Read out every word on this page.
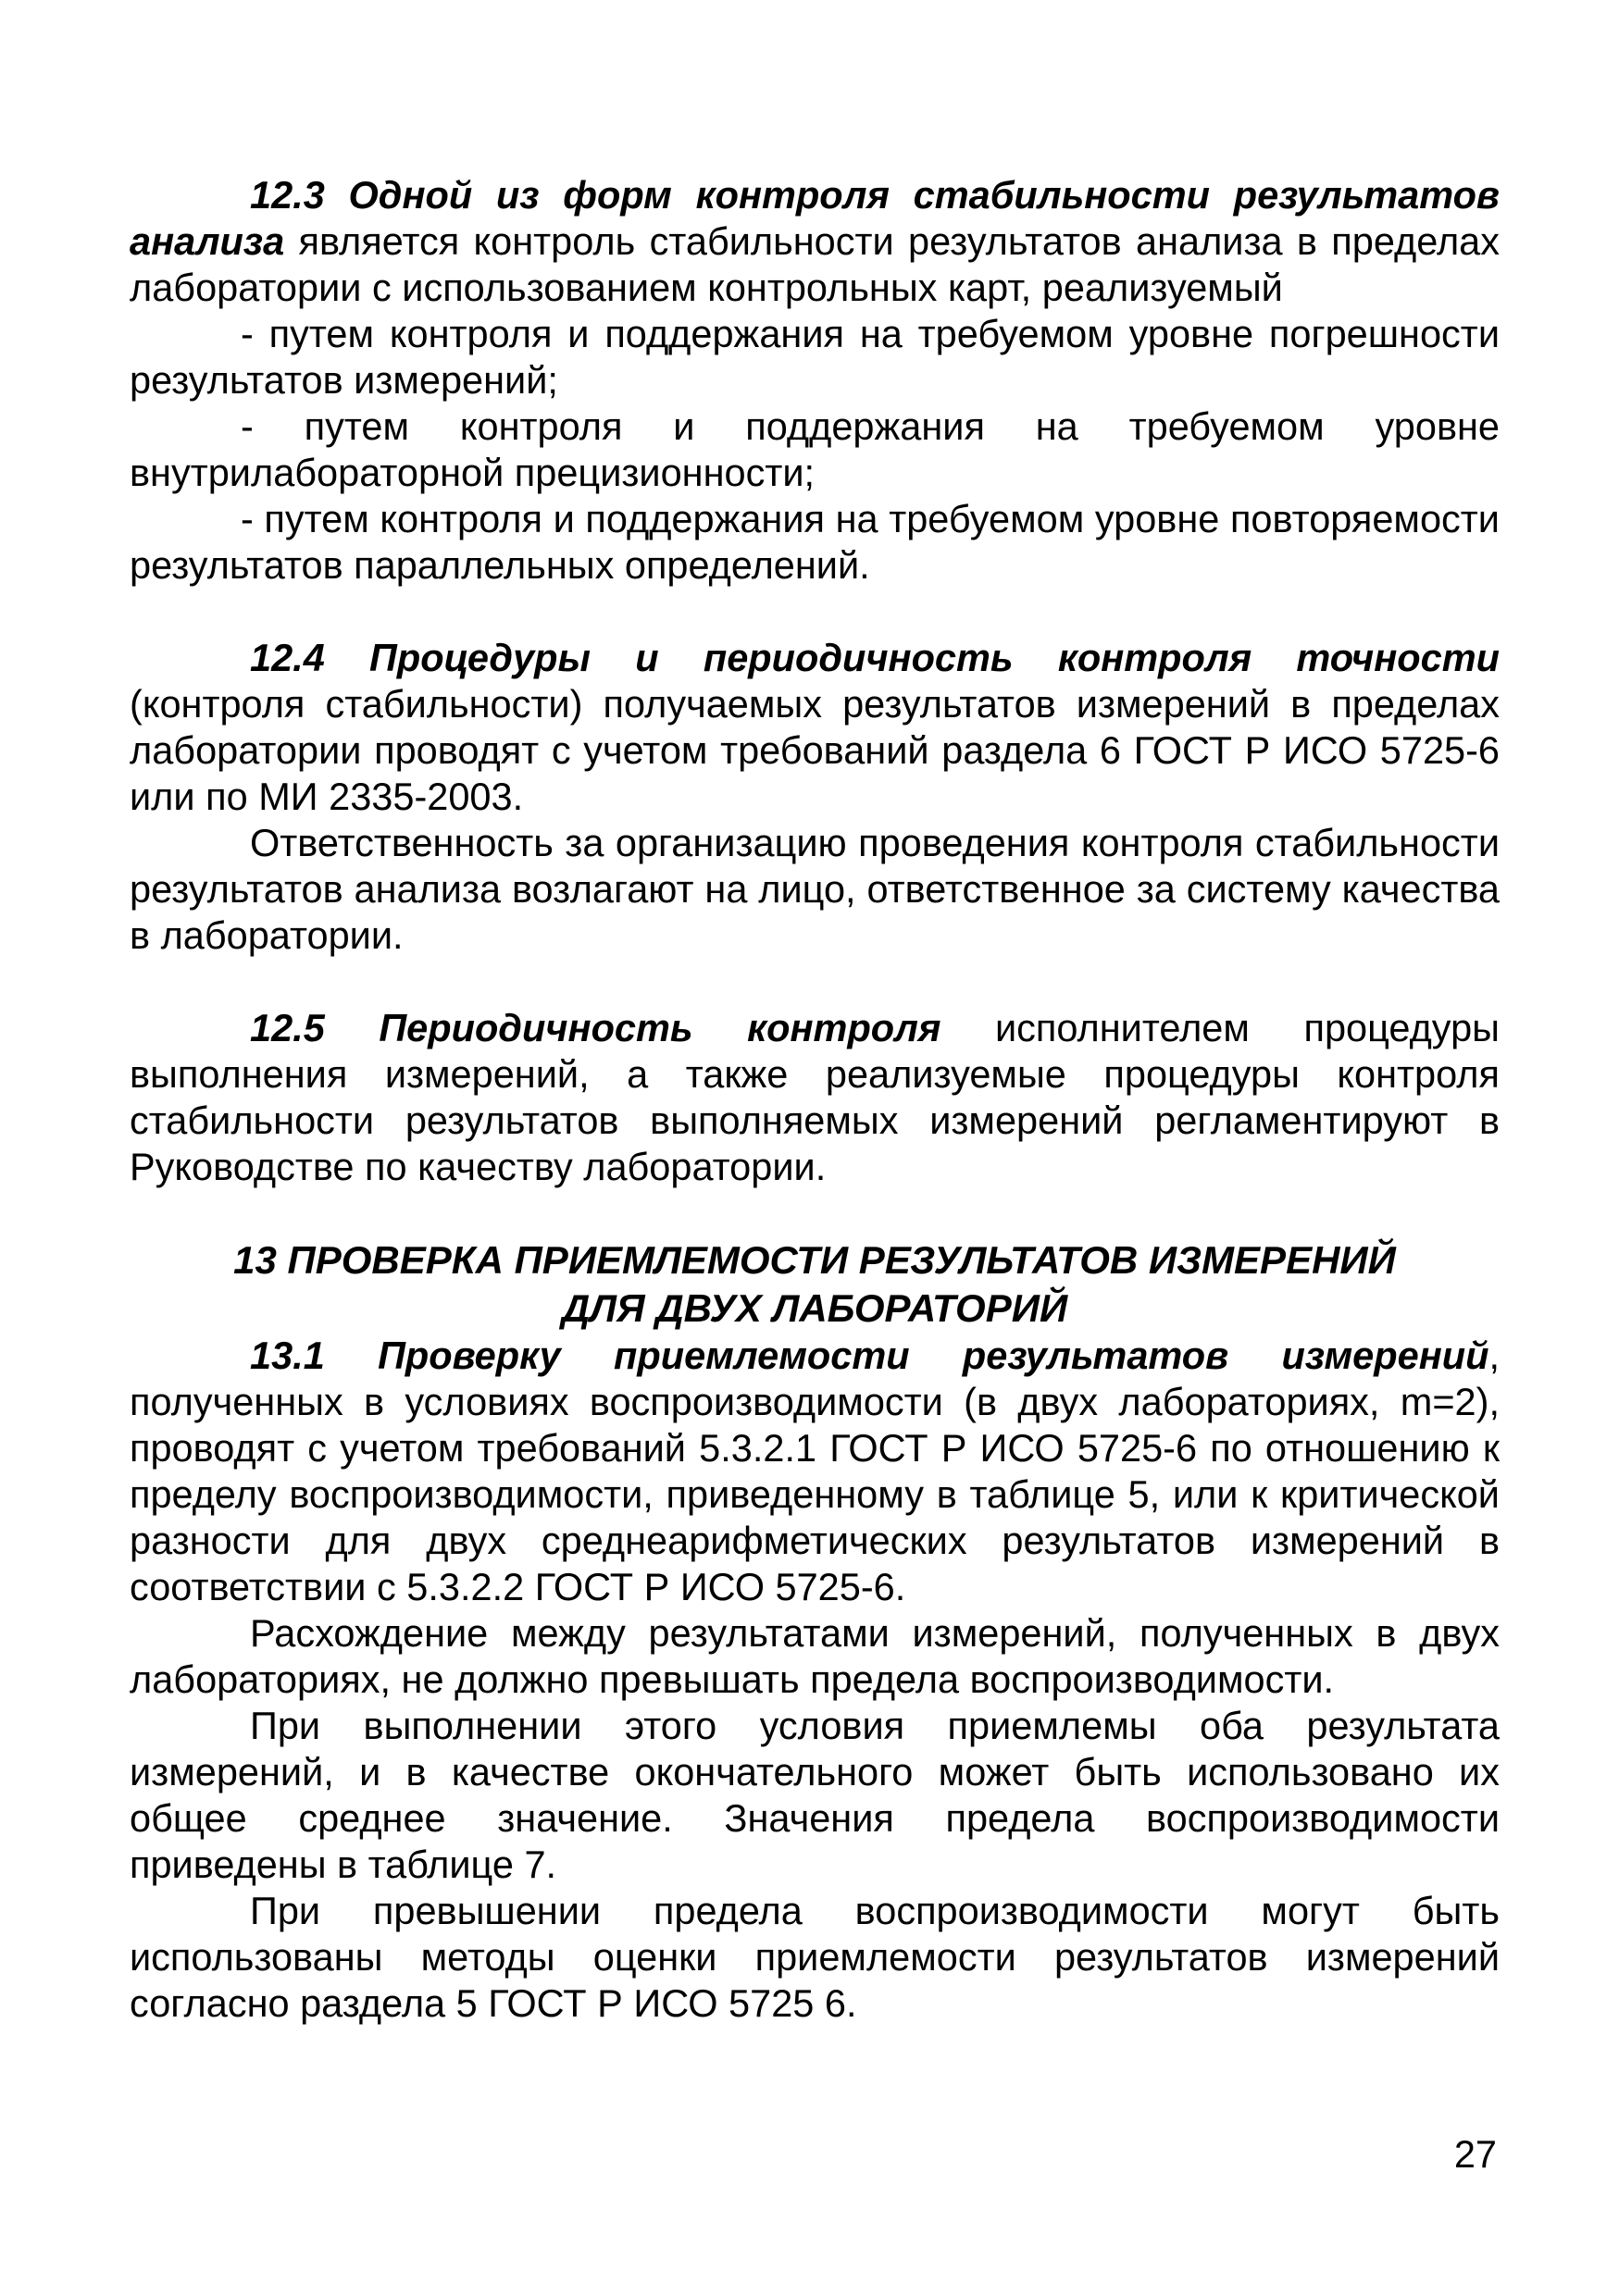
12.3 Одной из форм контроля стабильности результатов анализа является контроль стабильности результатов анализа в пределах лаборатории с использованием контрольных карт, реализуемый

- путем контроля и поддержания на требуемом уровне погрешности результатов измерений;

- путем контроля и поддержания на требуемом уровне внутрилабораторной прецизионности;

- путем контроля и поддержания на требуемом уровне повторяемости результатов параллельных определений.

12.4 Процедуры и периодичность контроля точности (контроля стабильности) получаемых результатов измерений в пределах лаборатории проводят с учетом требований раздела 6 ГОСТ Р ИСО 5725-6 или по МИ 2335-2003.

Ответственность за организацию проведения контроля стабильности результатов анализа возлагают на лицо, ответственное за систему качества в лаборатории.

12.5 Периодичность контроля исполнителем процедуры выполнения измерений, а также реализуемые процедуры контроля стабильности результатов выполняемых измерений регламентируют в Руководстве по качеству лаборатории.

13 ПРОВЕРКА ПРИЕМЛЕМОСТИ РЕЗУЛЬТАТОВ ИЗМЕРЕНИЙ
ДЛЯ ДВУХ ЛАБОРАТОРИЙ

13.1 Проверку приемлемости результатов измерений, полученных в условиях воспроизводимости (в двух лабораториях, m=2), проводят с учетом требований 5.3.2.1 ГОСТ Р ИСО 5725-6 по отношению к пределу воспроизводимости, приведенному в таблице 5, или к критической разности для двух среднеарифметических результатов измерений в соответствии с 5.3.2.2 ГОСТ Р ИСО 5725-6.

Расхождение между результатами измерений, полученных в двух лабораториях, не должно превышать предела воспроизводимости.

При выполнении этого условия приемлемы оба результата измерений, и в качестве окончательного может быть использовано их общее среднее значение. Значения предела воспроизводимости приведены в таблице 7.

При превышении предела воспроизводимости могут быть использованы методы оценки приемлемости результатов измерений согласно раздела 5 ГОСТ Р ИСО 5725 6.

27
